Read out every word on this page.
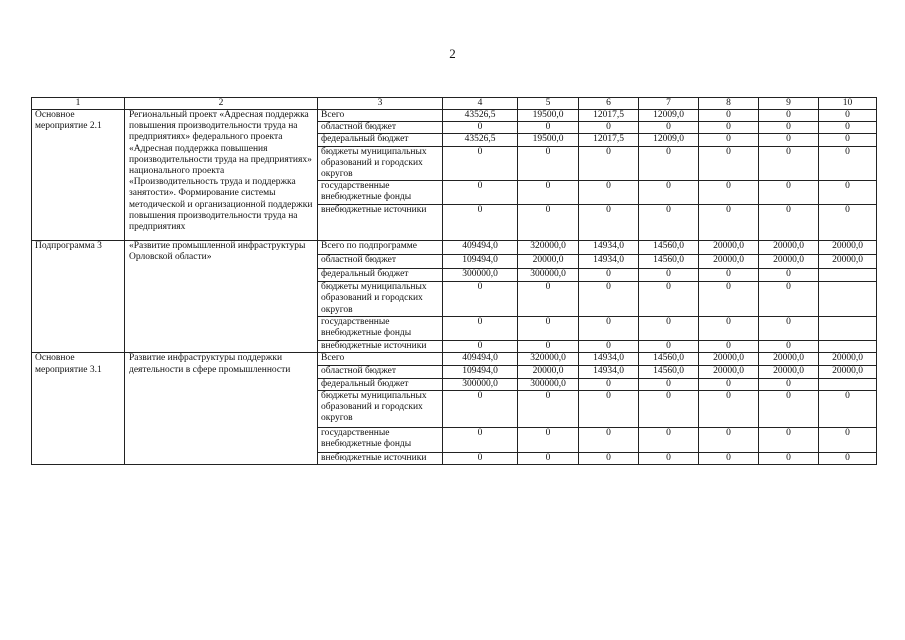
2
1	2	3	4	5	6	7	8	9	10
Основное мероприятие 2.1	Региональный проект «Адресная поддержка повышения производительности труда на предприятиях» федерального проекта «Адресная поддержка повышения производительности труда на предприятиях» национального проекта «Производительность труда и поддержка занятости». Формирование системы методической и организационной поддержки повышения производительности труда на предприятиях	Всего	43526,5	19500,0	12017,5	12009,0	0	0	0
		областной бюджет	0	0	0	0	0	0	0
		федеральный бюджет	43526,5	19500,0	12017,5	12009,0	0	0	0
		бюджеты муниципальных образований и городских округов	0	0	0	0	0	0	0
		государственные внебюджетные фонды	0	0	0	0	0	0	0
		внебюджетные источники	0	0	0	0	0	0	0
Подпрограмма 3	«Развитие промышленной инфраструктуры Орловской области»	Всего по подпрограмме	409494,0	320000,0	14934,0	14560,0	20000,0	20000,0	20000,0
		областной бюджет	109494,0	20000,0	14934,0	14560,0	20000,0	20000,0	20000,0
		федеральный бюджет	300000,0	300000,0	0	0	0	0	
		бюджеты муниципальных образований и городских округов	0	0	0	0	0	0	
		государственные внебюджетные фонды	0	0	0	0	0	0	
		внебюджетные источники	0	0	0	0	0	0	
Основное мероприятие 3.1	Развитие инфраструктуры поддержки деятельности в сфере промышленности	Всего	409494,0	320000,0	14934,0	14560,0	20000,0	20000,0	20000,0
		областной бюджет	109494,0	20000,0	14934,0	14560,0	20000,0	20000,0	20000,0
		федеральный бюджет	300000,0	300000,0	0	0	0	0	
		бюджеты муниципальных образований и городских округов	0	0	0	0	0	0	0
		государственные внебюджетные фонды	0	0	0	0	0	0	0
		внебюджетные источники	0	0	0	0	0	0	0
